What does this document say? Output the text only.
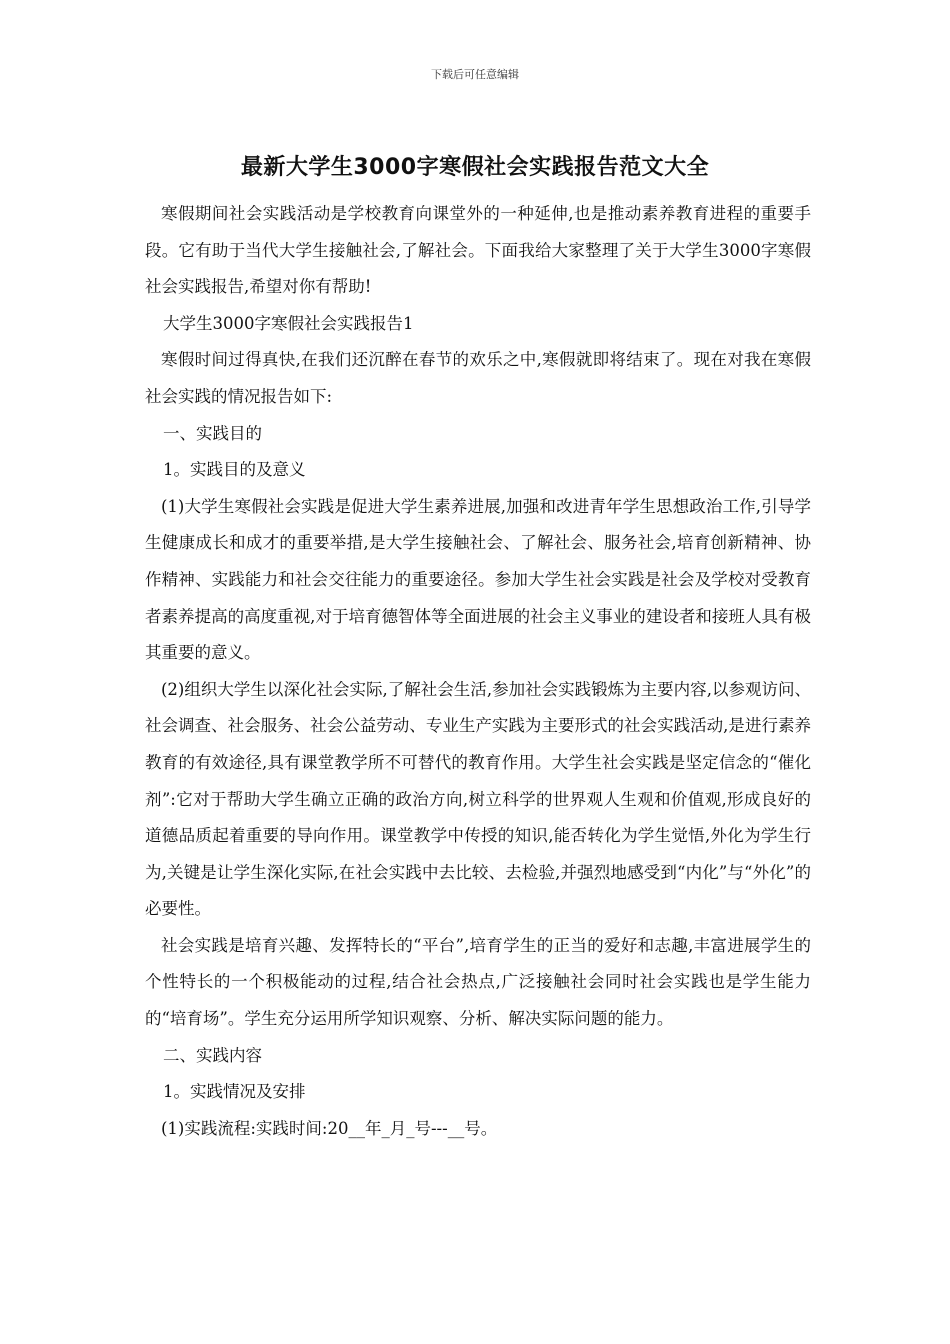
下载后可任意编辑
最新大学生3000字寒假社会实践报告范文大全

寒假期间社会实践活动是学校教育向课堂外的一种延伸,也是推动素养教育进程的重要手段。它有助于当代大学生接触社会,了解社会。下面我给大家整理了关于大学生3000字寒假社会实践报告,希望对你有帮助!

大学生3000字寒假社会实践报告1

寒假时间过得真快,在我们还沉醉在春节的欢乐之中,寒假就即将结束了。现在对我在寒假社会实践的情况报告如下:

一、实践目的

1。实践目的及意义

(1)大学生寒假社会实践是促进大学生素养进展,加强和改进青年学生思想政治工作,引导学生健康成长和成才的重要举措,是大学生接触社会、了解社会、服务社会,培育创新精神、协作精神、实践能力和社会交往能力的重要途径。参加大学生社会实践是社会及学校对受教育者素养提高的高度重视,对于培育德智体等全面进展的社会主义事业的建设者和接班人具有极其重要的意义。

(2)组织大学生以深化社会实际,了解社会生活,参加社会实践锻炼为主要内容,以参观访问、社会调查、社会服务、社会公益劳动、专业生产实践为主要形式的社会实践活动,是进行素养教育的有效途径,具有课堂教学所不可替代的教育作用。大学生社会实践是坚定信念的“催化剂”:它对于帮助大学生确立正确的政治方向,树立科学的世界观人生观和价值观,形成良好的道德品质起着重要的导向作用。课堂教学中传授的知识,能否转化为学生觉悟,外化为学生行为,关键是让学生深化实际,在社会实践中去比较、去检验,并强烈地感受到“内化”与“外化”的必要性。

社会实践是培育兴趣、发挥特长的“平台”,培育学生的正当的爱好和志趣,丰富进展学生的个性特长的一个积极能动的过程,结合社会热点,广泛接触社会同时社会实践也是学生能力的“培育场”。学生充分运用所学知识观察、分析、解决实际问题的能力。

二、实践内容

1。实践情况及安排

(1)实践流程:实践时间:20__年_月_号---__号。
